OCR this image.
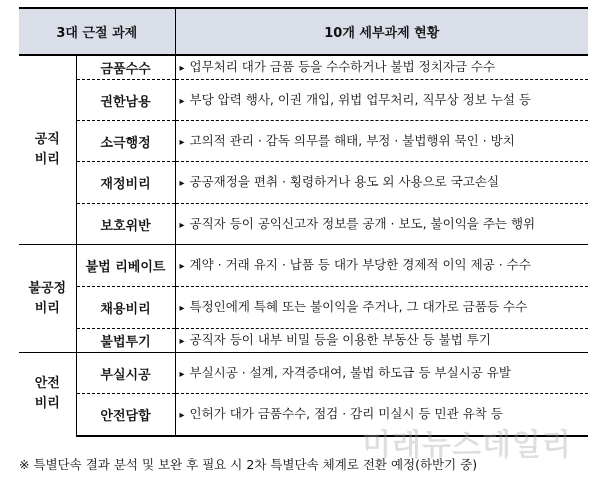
3대 근절 과제		10개 세부과제 현황
공직
비리	금품수수	▸ 업무처리 대가 금품 등을 수수하거나 불법 정치자금 수수
	권한남용	▸ 부당 압력 행사, 이권 개입, 위법 업무처리, 직무상 정보 누설 등
	소극행정	▸ 고의적 관리 · 감독 의무를 해태, 부정 · 불법행위 묵인 · 방치
	재정비리	▸ 공공재정을 편취 · 횡령하거나 용도 외 사용으로 국고손실
	보호위반	▸ 공직자 등이 공익신고자 정보를 공개 · 보도, 불이익을 주는 행위
불공정
비리	불법 리베이트	▸ 계약 · 거래 유지 · 납품 등 대가 부당한 경제적 이익 제공 · 수수
	채용비리	▸ 특정인에게 특혜 또는 불이익을 주거나, 그 대가로 금품등 수수
	불법투기	▸ 공직자 등이 내부 비밀 등을 이용한 부동산 등 불법 투기
안전
비리	부실시공	▸ 부실시공 · 설계, 자격증대여, 불법 하도급 등 부실시공 유발
	안전담합	▸ 인허가 대가 금품수수, 점검 · 감리 미실시 등 민관 유착 등
※ 특별단속 결과 분석 및 보완 후 필요 시 2차 특별단속 체계로 전환 예정(하반기 중)
미래뉴스데일리
